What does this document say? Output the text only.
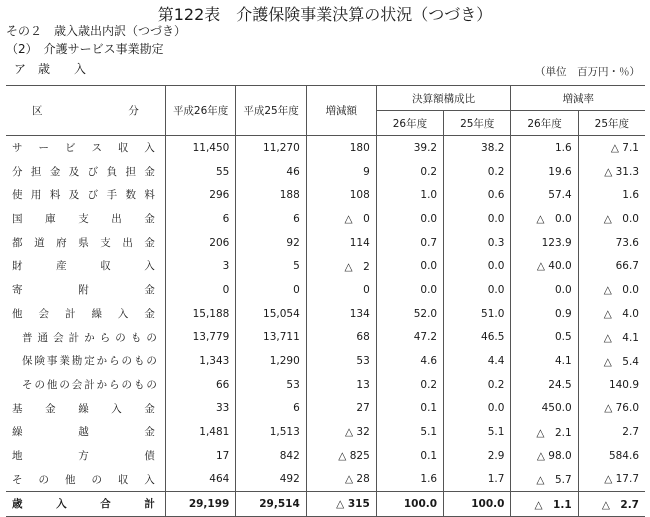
第122表　介護保険事業決算の状況（つづき）
その２　歳入歳出内訳（つづき）
（2）　介護サービス事業勘定
ア　歳　　入	（単位　百万円・％）
区 分	平成26年度	平成25年度	増減額	決算額構成比		増減率	
				26年度	25年度	26年度	25年度

サービス収入	11,450	11,270	180	39.2	38.2	1.6	△ 7.1

分担金及び負担金	55	46	9	0.2	0.2	19.6	△ 31.3

使用料及び手数料	296	188	108	1.0	0.6	57.4	1.6

国庫支出金	6	6	△　0	0.0	0.0	△　0.0	△　0.0

都道府県支出金	206	92	114	0.7	0.3	123.9	73.6

財産収入	3	5	△　2	0.0	0.0	△ 40.0	66.7

寄附金	0	0	0	0.0	0.0	0.0	△　0.0

他会計繰入金	15,188	15,054	134	52.0	51.0	0.9	△　4.0

普通会計からのもの	13,779	13,711	68	47.2	46.5	0.5	△　4.1

保険事業勘定からのもの	1,343	1,290	53	4.6	4.4	4.1	△　5.4

その他の会計からのもの	66	53	13	0.2	0.2	24.5	140.9

基金繰入金	33	6	27	0.1	0.0	450.0	△ 76.0

繰越金	1,481	1,513	△ 32	5.1	5.1	△　2.1	2.7

地方債	17	842	△ 825	0.1	2.9	△ 98.0	584.6

その他の収入	464	492	△ 28	1.6	1.7	△　5.7	△ 17.7

歳入合計	29,199	29,514	△ 315	100.0	100.0	△　1.1	△　2.7
